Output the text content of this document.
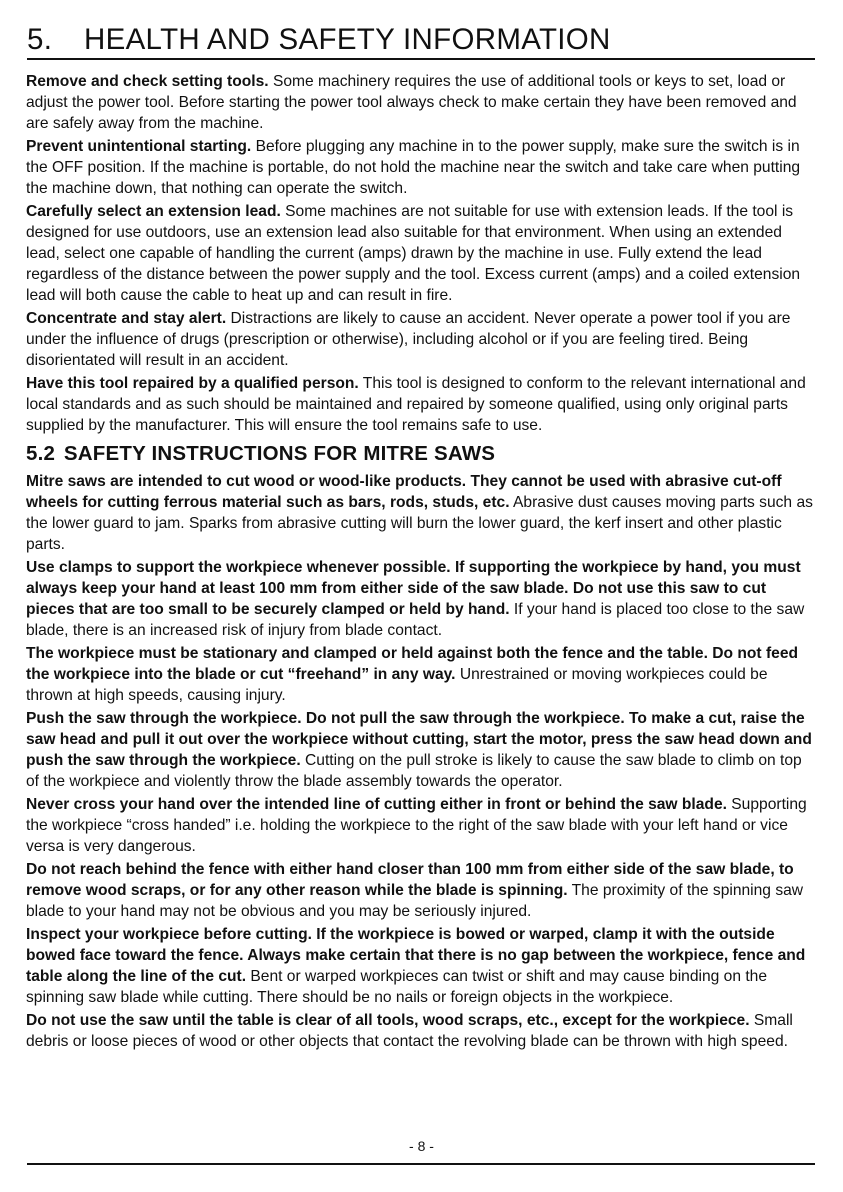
5. HEALTH AND SAFETY INFORMATION

Remove and check setting tools. Some machinery requires the use of additional tools or keys to set, load or adjust the power tool. Before starting the power tool always check to make certain they have been removed and are safely away from the machine.

Prevent unintentional starting. Before plugging any machine in to the power supply, make sure the switch is in the OFF position. If the machine is portable, do not hold the machine near the switch and take care when putting the machine down, that nothing can operate the switch.

Carefully select an extension lead. Some machines are not suitable for use with extension leads. If the tool is designed for use outdoors, use an extension lead also suitable for that environment. When using an extended lead, select one capable of handling the current (amps) drawn by the machine in use. Fully extend the lead regardless of the distance between the power supply and the tool. Excess current (amps) and a coiled extension lead will both cause the cable to heat up and can result in fire.

Concentrate and stay alert. Distractions are likely to cause an accident. Never operate a power tool if you are under the influence of drugs (prescription or otherwise), including alcohol or if you are feeling tired. Being disorientated will result in an accident.

Have this tool repaired by a qualified person. This tool is designed to conform to the relevant international and local standards and as such should be maintained and repaired by someone qualified, using only original parts supplied by the manufacturer. This will ensure the tool remains safe to use.

5.2 SAFETY INSTRUCTIONS FOR MITRE SAWS

Mitre saws are intended to cut wood or wood-like products. They cannot be used with abrasive cut-off wheels for cutting ferrous material such as bars, rods, studs, etc. Abrasive dust causes moving parts such as the lower guard to jam. Sparks from abrasive cutting will burn the lower guard, the kerf insert and other plastic parts.

Use clamps to support the workpiece whenever possible. If supporting the workpiece by hand, you must always keep your hand at least 100 mm from either side of the saw blade. Do not use this saw to cut pieces that are too small to be securely clamped or held by hand. If your hand is placed too close to the saw blade, there is an increased risk of injury from blade contact.

The workpiece must be stationary and clamped or held against both the fence and the table. Do not feed the workpiece into the blade or cut “freehand” in any way. Unrestrained or moving workpieces could be thrown at high speeds, causing injury.

Push the saw through the workpiece. Do not pull the saw through the workpiece. To make a cut, raise the saw head and pull it out over the workpiece without cutting, start the motor, press the saw head down and push the saw through the workpiece. Cutting on the pull stroke is likely to cause the saw blade to climb on top of the workpiece and violently throw the blade assembly towards the operator.

Never cross your hand over the intended line of cutting either in front or behind the saw blade. Supporting the workpiece “cross handed” i.e. holding the workpiece to the right of the saw blade with your left hand or vice versa is very dangerous.

Do not reach behind the fence with either hand closer than 100 mm from either side of the saw blade, to remove wood scraps, or for any other reason while the blade is spinning. The proximity of the spinning saw blade to your hand may not be obvious and you may be seriously injured.

Inspect your workpiece before cutting. If the workpiece is bowed or warped, clamp it with the outside bowed face toward the fence. Always make certain that there is no gap between the workpiece, fence and table along the line of the cut. Bent or warped workpieces can twist or shift and may cause binding on the spinning saw blade while cutting. There should be no nails or foreign objects in the workpiece.

Do not use the saw until the table is clear of all tools, wood scraps, etc., except for the workpiece. Small debris or loose pieces of wood or other objects that contact the revolving blade can be thrown with high speed.

- 8 -
